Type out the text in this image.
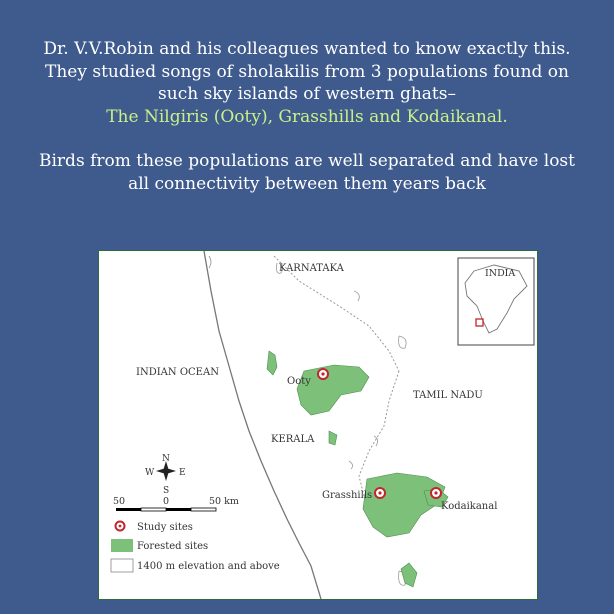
Dr. V.V.Robin and his colleagues wanted to know exactly this.

They studied songs of sholakilis from 3 populations found on

such sky islands of western ghats–

The Nilgiris (Ooty), Grasshills and Kodaikanal.

Birds from these populations are well separated and have lost

all connectivity between them years back

INDIA
KARNATAKA
INDIAN OCEAN
TAMIL NADU
KERALA
Ooty
Grasshills
Kodaikanal
N
S
E
W
50	0	50 km
Study sites
Forested sites
1400 m elevation and above
